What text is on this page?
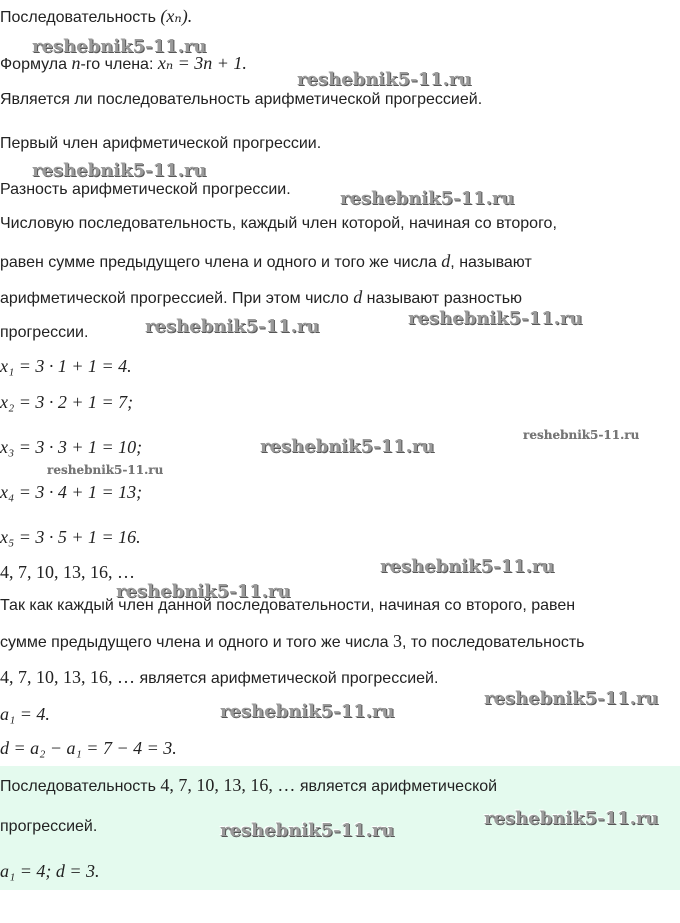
Последовательность (xₙ).
Формула n-го члена: xₙ = 3n + 1.
Является ли последовательность арифметической прогрессией.
Первый член арифметической прогрессии.
Разность арифметической прогрессии.
Числовую последовательность, каждый член которой, начиная со второго,
равен сумме предыдущего члена и одного и того же числа d, называют
арифметической прогрессией. При этом число d называют разностью
прогрессии.
x₁ = 3 · 1 + 1 = 4.
x₂ = 3 · 2 + 1 = 7;
x₃ = 3 · 3 + 1 = 10;
x₄ = 3 · 4 + 1 = 13;
x₅ = 3 · 5 + 1 = 16.
4, 7, 10, 13, 16, …
Так как каждый член данной последовательности, начиная со второго, равен
сумме предыдущего члена и одного и того же числа 3, то последовательность
4, 7, 10, 13, 16, … является арифметической прогрессией.
a₁ = 4.
d = a₂ − a₁ = 7 − 4 = 3.
Последовательность 4, 7, 10, 13, 16, … является арифметической
прогрессией.
a₁ = 4; d = 3.
reshebnik5-11.ru
reshebnik5-11.ru
reshebnik5-11.ru
reshebnik5-11.ru
reshebnik5-11.ru	reshebnik5-11.ru
reshebnik5-11.ru
reshebnik5-11.ru
reshebnik5-11.ru
reshebnik5-11.ru
reshebnik5-11.ru
reshebnik5-11.ru
reshebnik5-11.ru
reshebnik5-11.ru
reshebnik5-11.ru
